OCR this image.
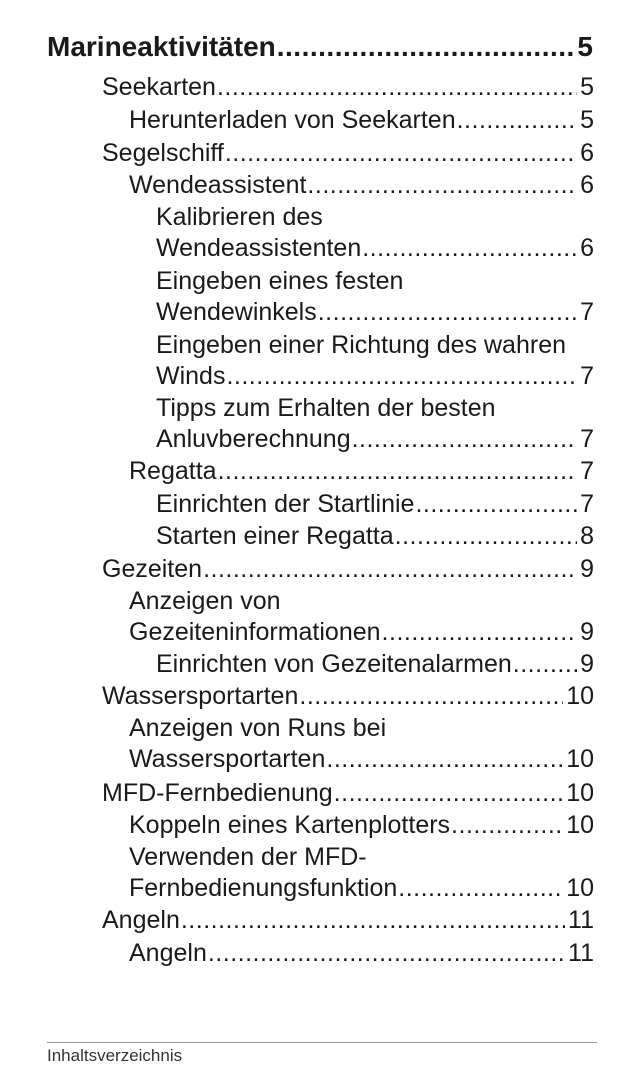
Marineaktivitäten .....	5
Seekarten .....	5
Herunterladen von Seekarten .....	5
Segelschiff .....	6
Wendeassistent .....	6
Kalibrieren des
Wendeassistenten .....	6
Eingeben eines festen
Wendewinkels .....	7
Eingeben einer Richtung des wahren
Winds .....	7
Tipps zum Erhalten der besten
Anluvberechnung .....	7
Regatta .....	7
Einrichten der Startlinie .....	7
Starten einer Regatta .....	8
Gezeiten .....	9
Anzeigen von
Gezeiteninformationen .....	9
Einrichten von Gezeitenalarmen .....	9
Wassersportarten .....	10
Anzeigen von Runs bei
Wassersportarten .....	10
MFD-Fernbedienung .....	10
Koppeln eines Kartenplotters .....	10
Verwenden der MFD-
Fernbedienungsfunktion .....	10
Angeln .....	11
Angeln .....	11
Inhaltsverzeichnis
